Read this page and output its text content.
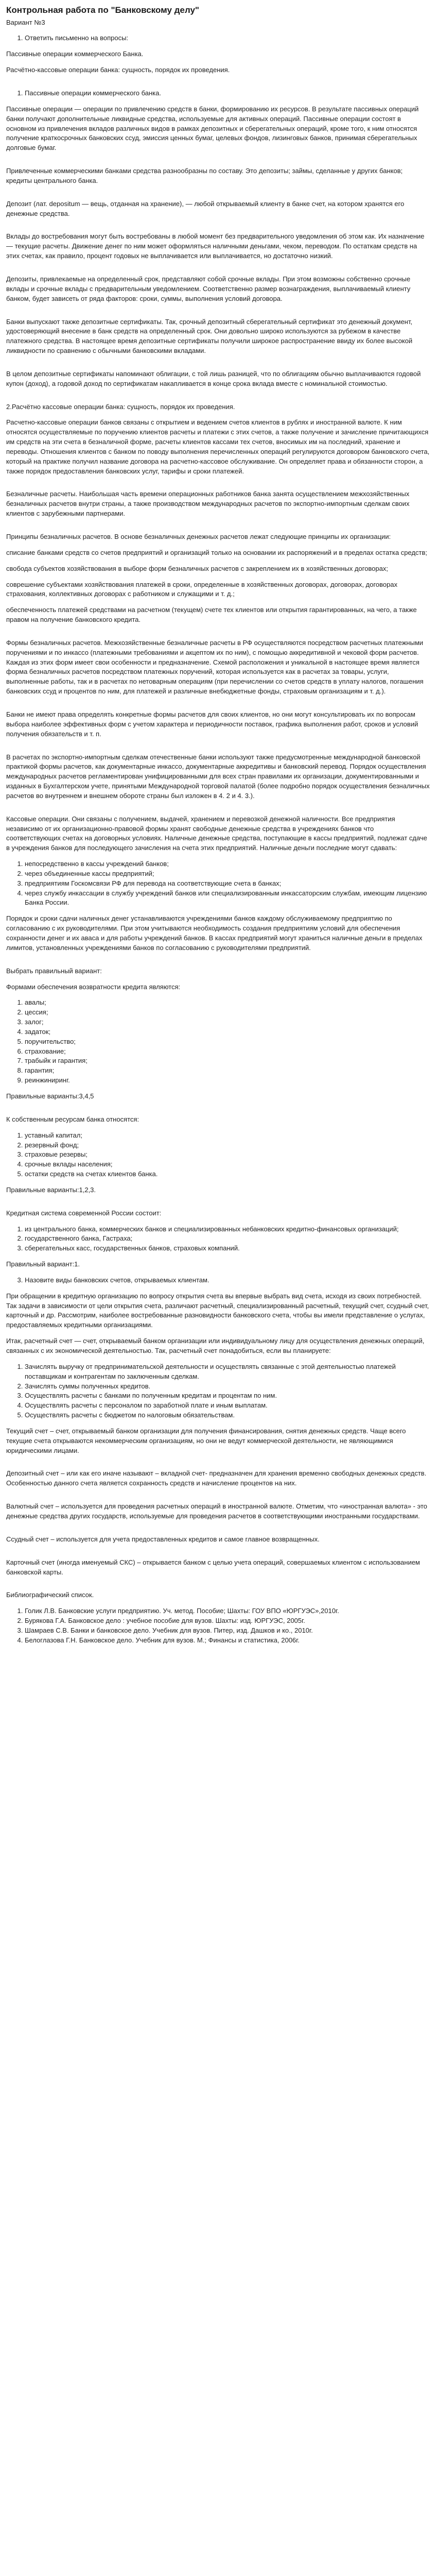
Контрольная работа по "Банковскому делу"
Вариант №3
1. Ответить письменно на вопросы:
Пассивные операции коммерческого Банка.
Расчётно-кассовые операции банка: сущность, порядок их проведения.
1. Пассивные операции коммерческого банка.
Пассивные операции — операции по привлечению средств в банки, формированию их ресурсов. В результате пассивных операций банки получают дополнительные ликвидные средства, используемые для активных операций. Пассивные операции состоят в основном из привлечения вкладов различных видов в рамках депозитных и сберегательных операций, кроме того, к ним относятся получение краткосрочных банковских ссуд, эмиссия ценных бумаг, целевых фондов, лизинговых банков, принимая сберегательных долговые бумаг.
Привлеченные коммерческими банками средства разнообразны по составу. Это депозиты; займы, сделанные у других банков; кредиты центрального банка.
Депозит (лат. depositum — вещь, отданная на хранение), — любой открываемый клиенту в банке счет, на котором хранятся его денежные средства.
Вклады до востребования могут быть востребованы в любой момент без предварительного уведомления об этом как. Их назначение — текущие расчеты. Движение денег по ним может оформляться наличными деньгами, чеком, переводом. По остаткам средств на этих счетах, как правило, процент годовых не выплачивается или выплачивается, но достаточно низкий.
Депозиты, привлекаемые на определенный срок, представляют собой срочные вклады. При этом возможны собственно срочные вклады и срочные вклады с предварительным уведомлением. Соответственно размер вознаграждения, выплачиваемый клиенту банком, будет зависеть от ряда факторов: сроки, суммы, выполнения условий договора.
Банки выпускают также депозитные сертификаты. Так, срочный депозитный сберегательный сертификат это денежный документ, удостоверяющий внесение в банк средств на определенный срок. Они довольно широко используются за рубежом в качестве платежного средства. В настоящее время депозитные сертификаты получили широкое распространение ввиду их более высокой ликвидности по сравнению с обычными банковскими вкладами.
В целом депозитные сертификаты напоминают облигации, с той лишь разницей, что по облигациям обычно выплачиваются годовой купон (доход), а годовой доход по сертификатам накапливается в конце срока вклада вместе с номинальной стоимостью.
2.Расчётно кассовые операции банка: сущность, порядок их проведения.
Расчетно-кассовые операции банков связаны с открытием и ведением счетов клиентов в рублях и иностранной валюте. К ним относятся осуществляемые по поручению клиентов расчеты и платежи с этих счетов, а также получение и зачисление причитающихся им средств на эти счета в безналичной форме, расчеты клиентов кассами тех счетов, вносимых им на последний, хранение и переводы. Отношения клиентов с банком по поводу выполнения перечисленных операций регулируются договором банковского счета, который на практике получил название договора на расчетно-кассовое обслуживание. Он определяет права и обязанности сторон, а также порядок предоставления банковских услуг, тарифы и сроки платежей.
Безналичные расчеты. Наибольшая часть времени операционных работников банка занята осуществлением межхозяйственных безналичных расчетов внутри страны, а также производством международных расчетов по экспортно-импортным сделкам своих клиентов с зарубежными партнерами.
Принципы безналичных расчетов. В основе безналичных денежных расчетов лежат следующие принципы их организации:
списание банками средств со счетов предприятий и организаций только на основании их распоряжений и в пределах остатка средств;
свобода субъектов хозяйствования в выборе форм безналичных расчетов с закреплением их в хозяйственных договорах;
соврешение субъектами хозяйствования платежей в сроки, определенные в хозяйственных договорах, договорах, договорах страхования, коллективных договорах с работником и служащими и т. д.;
обеспеченность платежей средствами на расчетном (текущем) счете тех клиентов или открытия гарантированных, на чего, а также правом на получение банковского кредита.
Формы безналичных расчетов. Межхозяйственные безналичные расчеты в РФ осуществляются посредством расчетных платежными поручениями и по инкассо (платежными требованиями и акцептом их по ним), с помощью аккредитивной и чековой форм расчетов. Каждая из этих форм имеет свои особенности и предназначение. Схемой расположения и уникальной в настоящее время является форма безналичных расчетов посредством платежных поручений, которая используется как в расчетах за товары, услуги, выполненные работы, так и в расчетах по нетоварным операциям (при перечислении со счетов средств в уплату налогов, погашения банковских ссуд и процентов по ним, для платежей и различные внебюджетные фонды, страховым организациям и т. д.).
Банки не имеют права определять конкретные формы расчетов для своих клиентов, но они могут консультировать их по вопросам выбора наиболее эффективных форм с учетом характера и периодичности поставок, графика выполнения работ, сроков и условий получения обязательств и т. п.
В расчетах по экспортно-импортным сделкам отечественные банки используют также предусмотренные международной банковской практикой формы расчетов, как документарные инкассо, документарные аккредитивы и банковский перевод. Порядок осуществления международных расчетов регламентирован унифицированными для всех стран правилами их организации, документированными и изданных в Бухгалтерском учете, принятыми Международной торговой палатой (более подробно порядок осуществления безналичных расчетов во внутреннем и внешнем обороте страны был изложен в 4. 2 и 4. 3.).
Кассовые операции. Они связаны с получением, выдачей, хранением и перевозкой денежной наличности. Все предприятия независимо от их организационно-правовой формы хранят свободные денежные средства в учреждениях банков что соответствующих счетах на договорных условиях. Наличные денежные средства, поступающие в кассы предприятий, подлежат сдаче в учреждения банков для последующего зачисления на счета этих предприятий. Наличные деньги последние могут сдавать:
1. непосредственно в кассы учреждений банков;
2. через объединенные кассы предприятий;
3. предприятиям Госкомсвязи РФ для перевода на соответствующие счета в банках;
4. через службу инкассации в службу учреждений банков или специализированным инкассаторским службам, имеющим лицензию Банка России.
Порядок и сроки сдачи наличных денег устанавливаются учреждениями банков каждому обслуживаемому предприятию по согласованию с их руководителями. При этом учитываются необходимость создания предприятиям условий для обеспечения сохранности денег и их аваса и для работы учреждений банков. В кассах предприятий могут храниться наличные деньги в пределах лимитов, установленных учреждениями банков по согласованию с руководителями предприятий.
Выбрать правильный вариант:
Формами обеспечения возвратности кредита являются:
1. авалы;
2. цессия;
3. залог;
4. задаток;
5. поручительство;
6. страхование;
7. трабыйк и гарантия;
8. гарантия;
9. реинжиниринг.
Правильные варианты:3,4,5
К собственным ресурсам банка относятся:
1. уставный капитал;
2. резервный фонд;
3. страховые резервы;
4. срочные вклады населения;
5. остатки средств на счетах клиентов банка.
Правильные варианты:1,2,3.
Кредитная система современной России состоит:
1. из центрального банка, коммерческих банков и специализированных небанковских кредитно-финансовых организаций;
2. государственного банка, Гастраха;
3. сберегательных касс, государственных банков, страховых компаний.
Правильный вариант:1.
3. Назовите виды банковских счетов, открываемых клиентам.
При обращении в кредитную организацию по вопросу открытия счета вы впервые выбрать вид счета, исходя из своих потребностей. Так задачи в зависимости от цели открытия счета, различают расчетный, специализированный расчетный, текущий счет, ссудный счет, карточный и др. Рассмотрим, наиболее востребованные разновидности банковского счета, чтобы вы имели представление о услугах, предоставляемых кредитными организациями.
Итак, расчетный счет — счет, открываемый банком организации или индивидуальному лицу для осуществления денежных операций, связанных с их экономической деятельностью. Так, расчетный счет понадобиться, если вы планируете:
1. Зачислять выручку от предпринимательской деятельности и осуществлять связанные с этой деятельностью платежей поставщикам и контрагентам по заключенным сделкам.
2. Зачислять суммы полученных кредитов.
3. Осуществлять расчеты с банками по полученным кредитам и процентам по ним.
4. Осуществлять расчеты с персоналом по заработной плате и иным выплатам.
5. Осуществлять расчеты с бюджетом по налоговым обязательствам.
Текущий счет – счет, открываемый банком организации для получения финансирования, снятия денежных средств. Чаще всего текущие счета открываются некоммерческим организациям, но они не ведут коммерческой деятельности, не являющимися юридическими лицами.
Депозитный счет – или как его иначе называют – вкладной счет- предназначен для хранения временно свободных денежных средств. Особенностью данного счета является сохранность средств и начисление процентов на них.
Валютный счет – используется для проведения расчетных операций в иностранной валюте. Отметим, что «иностранная валюта» - это денежные средства других государств, используемые для проведения расчетов в соответствующими иностранными государствами.
Ссудный счет – используется для учета предоставленных кредитов и самое главное возвращенных.
Карточный счет (иногда именуемый СКС) – открывается банком с целью учета операций, совершаемых клиентом с использованием банковской карты.
Библиографический список.
1. Голик Л.В. Банковские услуги предприятию. Уч. метод. Пособие; Шахты: ГОУ ВПО «ЮРГУЭС»,2010г.
2. Бурякова Г.А. Банковское дело : учебное пособие для вузов. Шахты: изд. ЮРГУЭС, 2005г.
3. Шамраев С.В. Банки и банковское дело. Учебник для вузов. Питер, изд. Дашков и ко., 2010г.
4. Белоглазова Г.Н. Банковское дело. Учебник для вузов. М.; Финансы и статистика, 2006г.
